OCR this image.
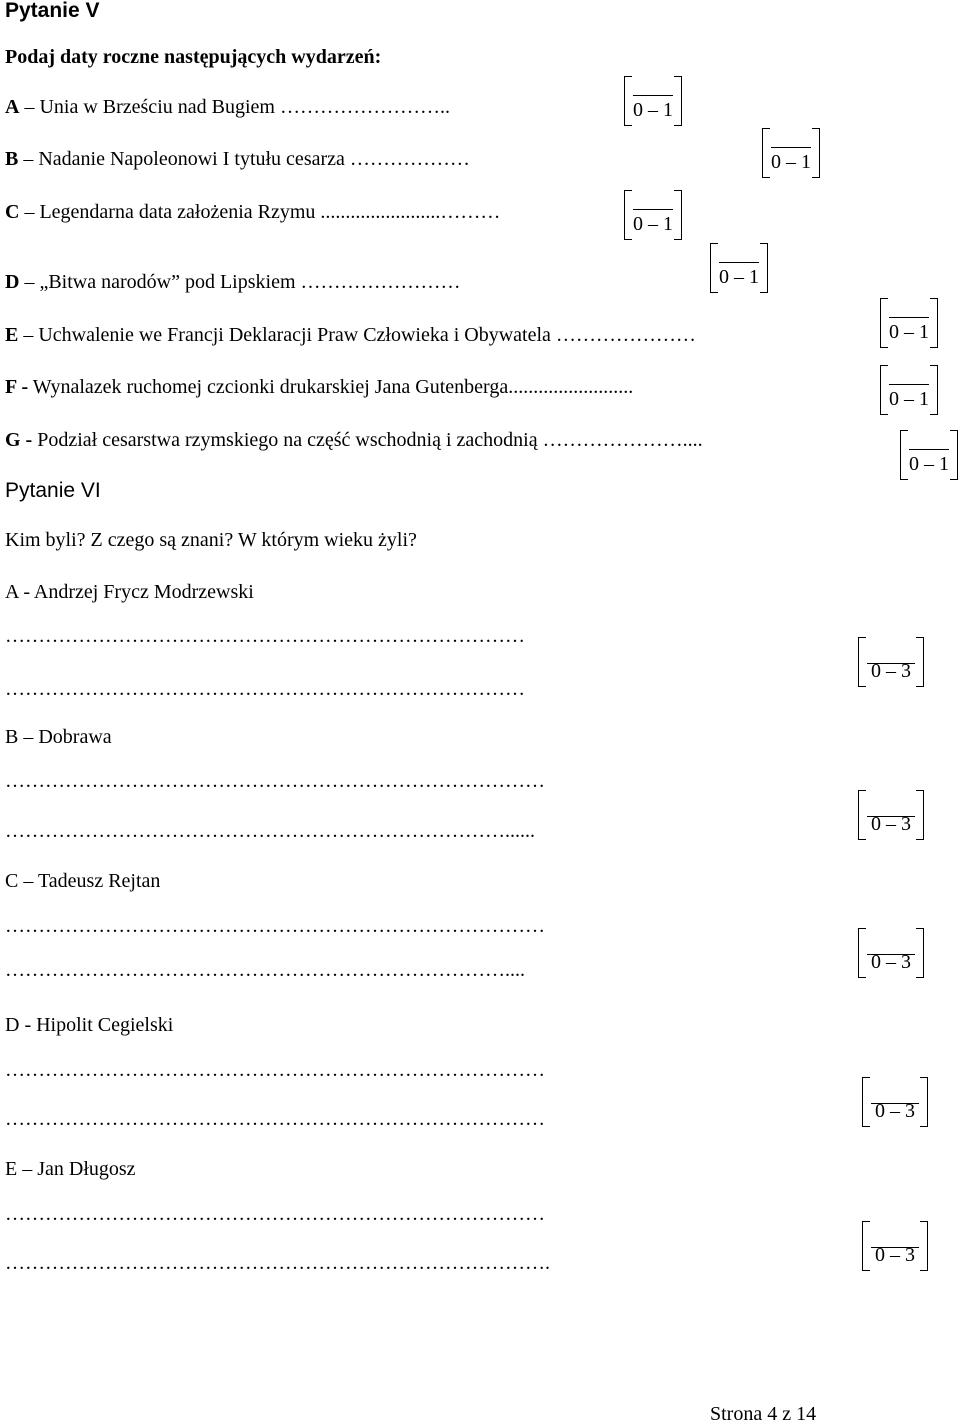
Pytanie V
Podaj daty roczne następujących wydarzeń:
A – Unia w Brześciu nad Bugiem ……………………..	0 – 1
B – Nadanie Napoleonowi I tytułu cesarza ………………	0 – 1
C – Legendarna data założenia Rzymu ........................………
0 – 1
D – „Bitwa narodów” pod Lipskiem ……………………	0 – 1
E – Uchwalenie we Francji Deklaracji Praw Człowieka i Obywatela …………………	0 – 1
F - Wynalazek ruchomej czcionki drukarskiej Jana Gutenberga.........................
0 – 1
G - Podział cesarstwa rzymskiego na część wschodnią i zachodnią …………………....
0 – 1
Pytanie VI
Kim byli? Z czego są znani? W którym wieku żyli?
A - Andrzej Frycz Modrzewski
……………………………………………………………………
……………………………………………………………………
0 – 3
B – Dobrawa
………………………………………………………………………
…………………………………………………………………......	0 – 3
C – Tadeusz Rejtan
………………………………………………………………………
…………………………………………………………………....	0 – 3
D - Hipolit Cegielski
………………………………………………………………………
………………………………………………………………………	0 – 3
E – Jan Długosz
………………………………………………………………………
……………………………………………………………………….	0 – 3
Strona 4 z 14
